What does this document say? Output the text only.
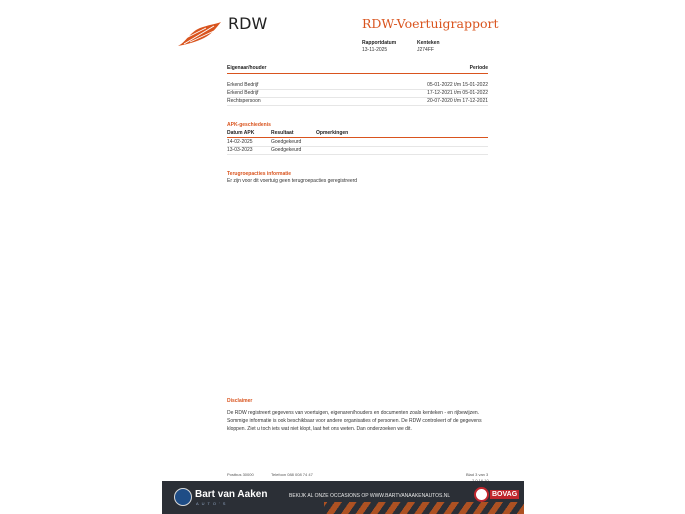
RDW	RDW-Voertuigrapport
Rapportdatum
13-11-2025
Kenteken
J274FF
Eigenaar/houder	Periode
Erkend Bedrijf	05-01-2022 t/m 15-01-2022
Erkend Bedrijf	17-12-2021 t/m 05-01-2022
Rechtspersoon	20-07-2020 t/m 17-12-2021
APK-geschiedenis
Datum APK	Resultaat	Opmerkingen
14-02-2025	Goedgekeurd
13-03-2023	Goedgekeurd
Terugroepacties informatie
Er zijn voor dit voertuig geen terugroepacties geregistreerd
Disclaimer
De RDW registreert gegevens van voertuigen, eigenaren/houders en documenten zoals kenteken - en rijbewijzen. Sommige informatie is ook beschikbaar voor andere organisaties of personen. De RDW controleert of de gegevens kloppen. Ziet u toch iets wat niet klopt, laat het ons weten. Dan onderzoeken we dit.
Postbus 30000	Telefoon 088 008 74 47	Blad 3 van 3
Bart van Aaken
AUTO'S
BEKIJK AL ONZE OCCASIONS OP WWW.BARTVANAAKENAUTOS.NL	BOVAG
